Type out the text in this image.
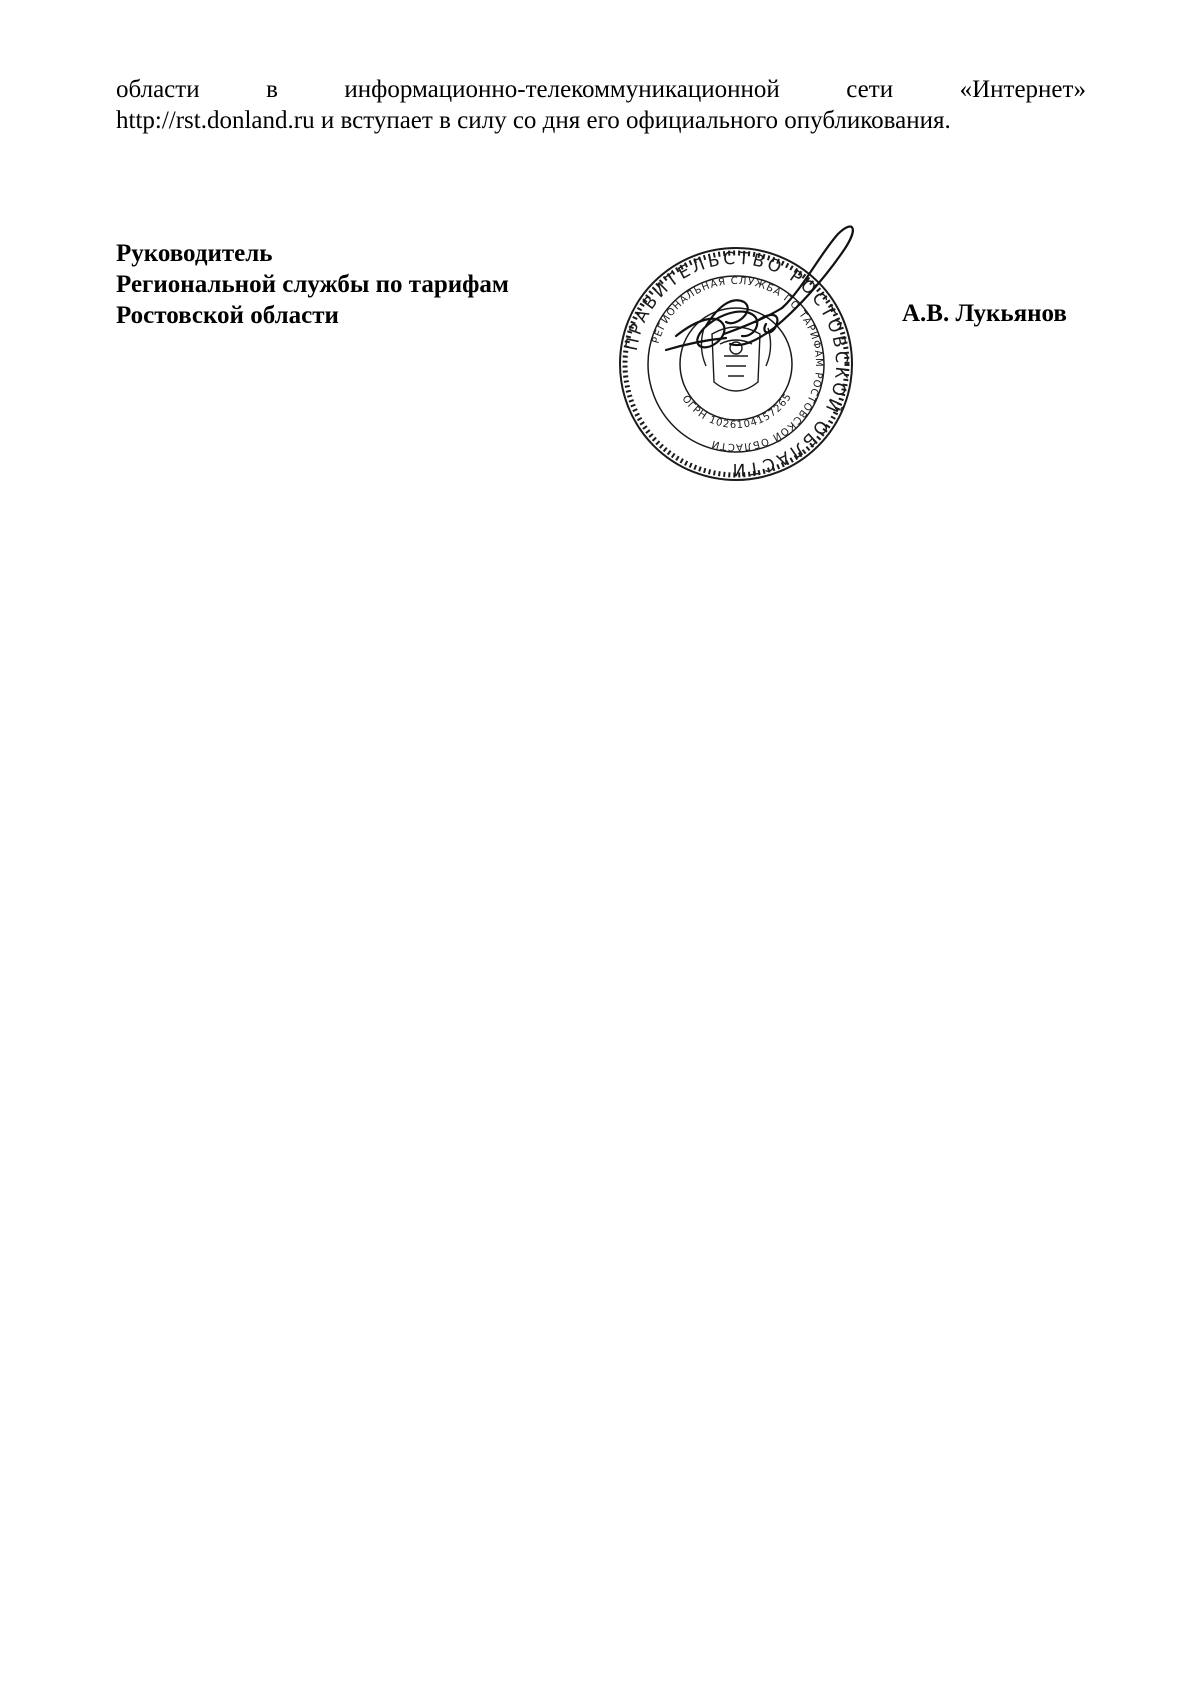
области	в	информационно-телекоммуникационной	сети	«Интернет»
http://rst.donland.ru и вступает в силу со дня его официального опубликования.
Руководитель
Региональной службы по тарифам
Ростовской области
ПРАВИТЕЛЬСТВО РОСТОВСКОЙ ОБЛАСТИ
РЕГИОНАЛЬНАЯ СЛУЖБА ПО ТАРИФАМ РОСТОВСКОЙ ОБЛАСТИ
ОГРН 1026104157265
А.В. Лукьянов
